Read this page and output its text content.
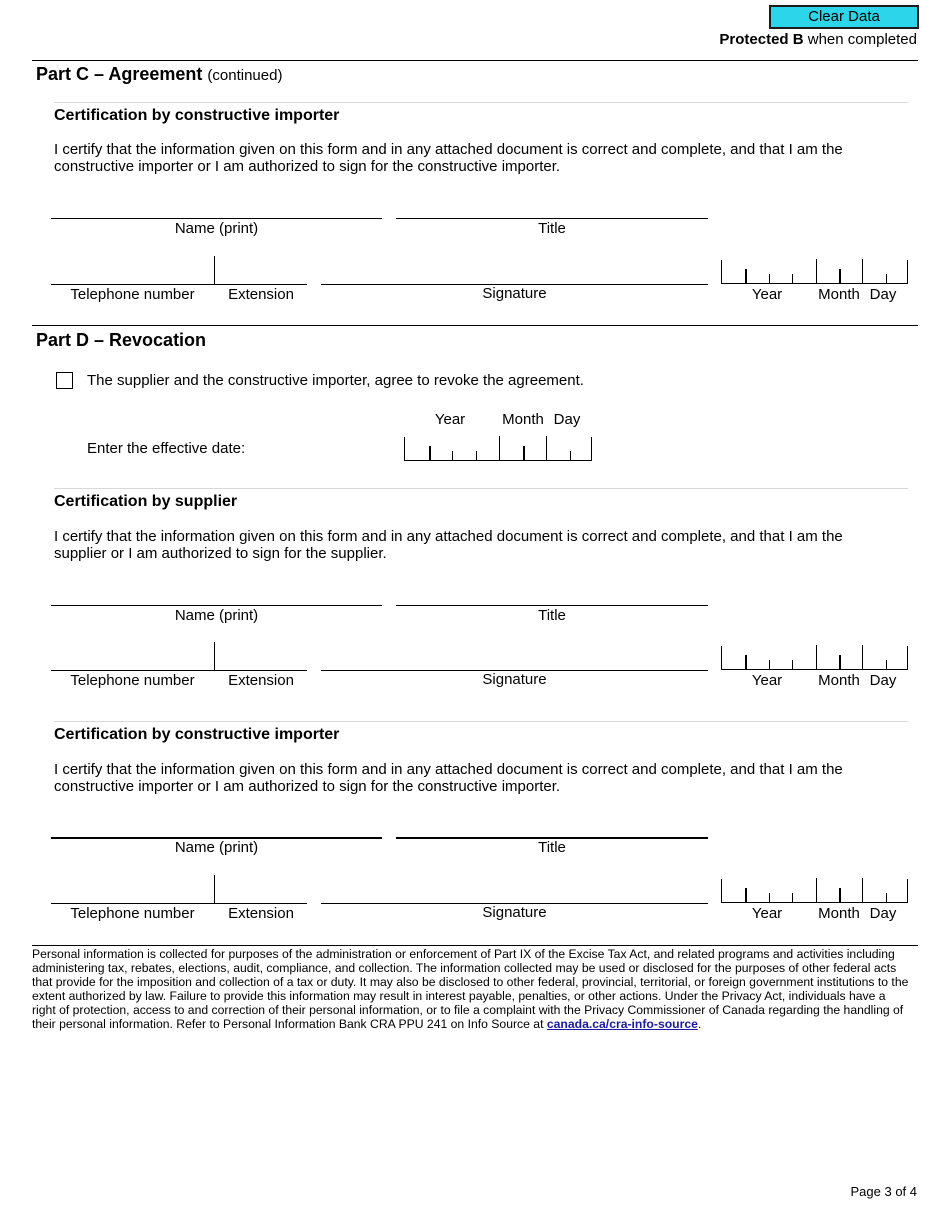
Clear Data
Protected B when completed
Part C – Agreement (continued)
Certification by constructive importer
I certify that the information given on this form and in any attached document is correct and complete, and that I am the constructive importer or I am authorized to sign for the constructive importer.
Name (print)	Title
Telephone number	Extension	Signature	Year	Month Day
Part D – Revocation
The supplier and the constructive importer, agree to revoke the agreement.
Year	Month Day
Enter the effective date:
Certification by supplier
I certify that the information given on this form and in any attached document is correct and complete, and that I am the supplier or I am authorized to sign for the supplier.
Name (print)	Title
Telephone number	Extension	Signature	Year	Month Day
Certification by constructive importer
I certify that the information given on this form and in any attached document is correct and complete, and that I am the constructive importer or I am authorized to sign for the constructive importer.
Name (print)	Title
Telephone number	Extension	Signature	Year	Month Day
Personal information is collected for purposes of the administration or enforcement of Part IX of the Excise Tax Act, and related programs and activities including administering tax, rebates, elections, audit, compliance, and collection. The information collected may be used or disclosed for the purposes of other federal acts that provide for the imposition and collection of a tax or duty. It may also be disclosed to other federal, provincial, territorial, or foreign government institutions to the extent authorized by law. Failure to provide this information may result in interest payable, penalties, or other actions. Under the Privacy Act, individuals have a right of protection, access to and correction of their personal information, or to file a complaint with the Privacy Commissioner of Canada regarding the handling of their personal information. Refer to Personal Information Bank CRA PPU 241 on Info Source at canada.ca/cra-info-source.
Page 3 of 4
